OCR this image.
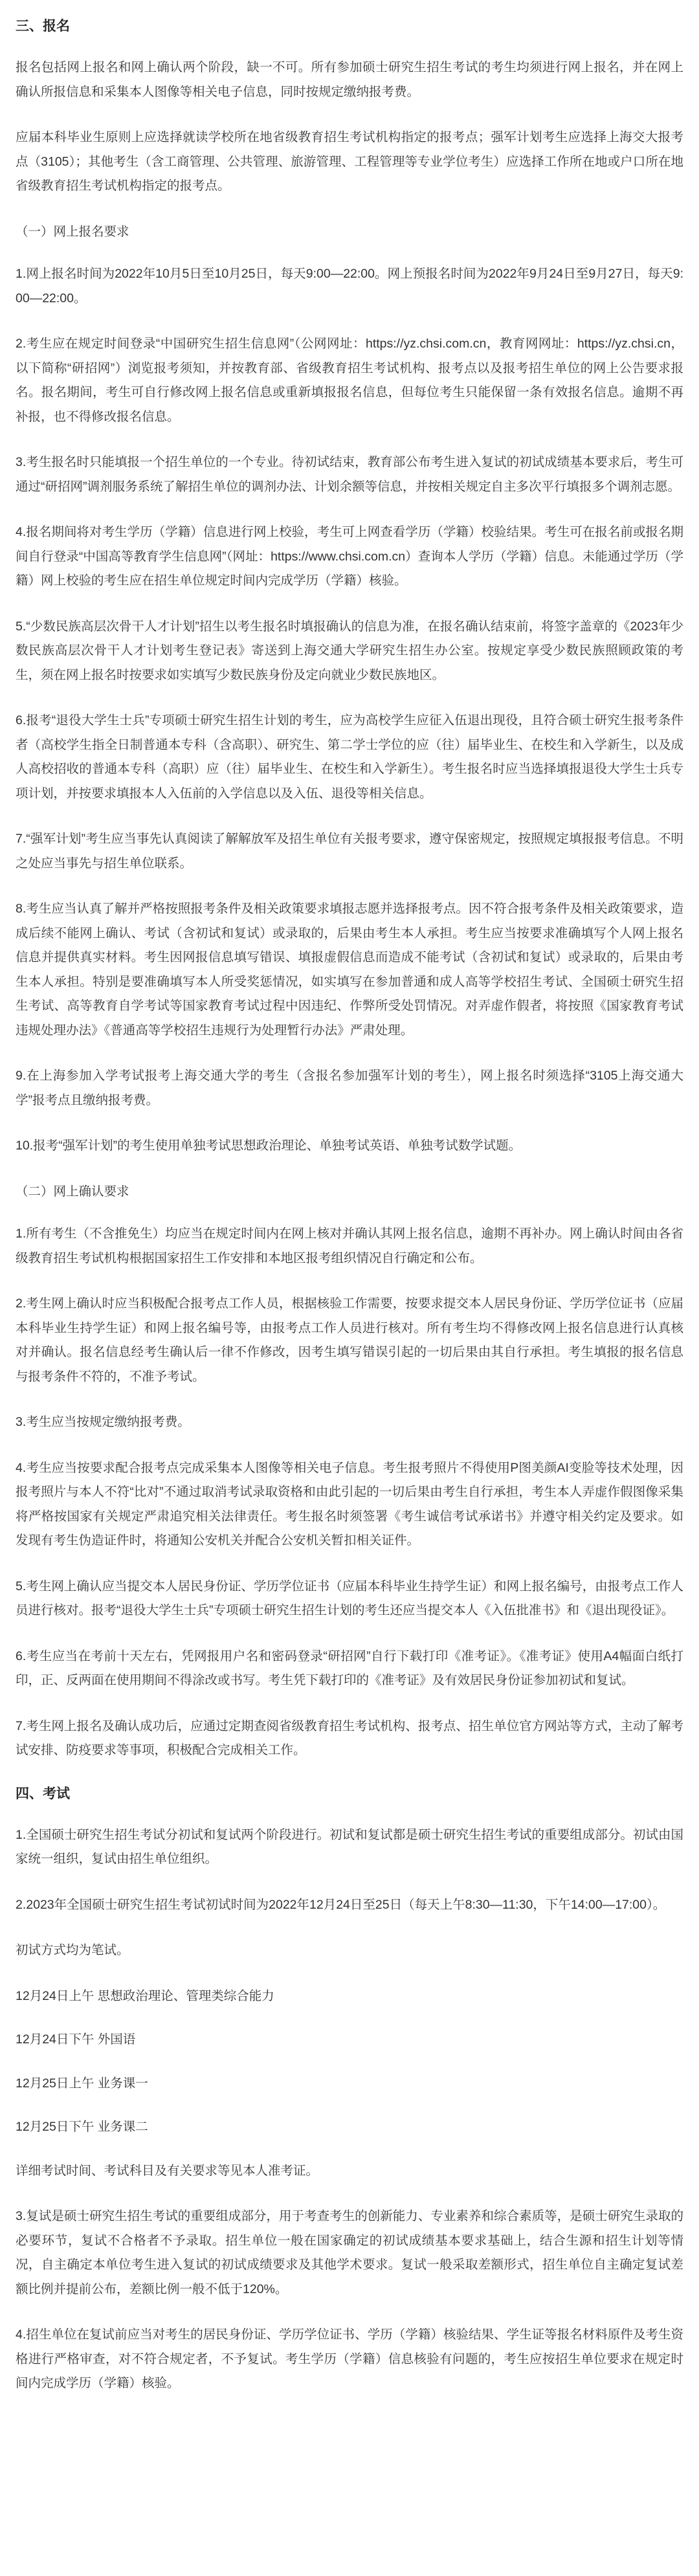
三、报名

报名包括网上报名和网上确认两个阶段，缺一不可。所有参加硕士研究生招生考试的考生均须进行网上报名，并在网上确认所报信息和采集本人图像等相关电子信息，同时按规定缴纳报考费。

应届本科毕业生原则上应选择就读学校所在地省级教育招生考试机构指定的报考点；强军计划考生应选择上海交大报考点（3105）；其他考生（含工商管理、公共管理、旅游管理、工程管理等专业学位考生）应选择工作所在地或户口所在地省级教育招生考试机构指定的报考点。

（一）网上报名要求

1.网上报名时间为2022年10月5日至10月25日，每天9:00—22:00。网上预报名时间为2022年9月24日至9月27日，每天9:00—22:00。

2.考生应在规定时间登录“中国研究生招生信息网”（公网网址：https://yz.chsi.com.cn，教育网网址：https://yz.chsi.cn，以下简称“研招网”）浏览报考须知，并按教育部、省级教育招生考试机构、报考点以及报考招生单位的网上公告要求报名。报名期间，考生可自行修改网上报名信息或重新填报报名信息，但每位考生只能保留一条有效报名信息。逾期不再补报，也不得修改报名信息。

3.考生报名时只能填报一个招生单位的一个专业。待初试结束，教育部公布考生进入复试的初试成绩基本要求后，考生可通过“研招网”调剂服务系统了解招生单位的调剂办法、计划余额等信息，并按相关规定自主多次平行填报多个调剂志愿。

4.报名期间将对考生学历（学籍）信息进行网上校验，考生可上网查看学历（学籍）校验结果。考生可在报名前或报名期间自行登录“中国高等教育学生信息网”（网址：https://www.chsi.com.cn）查询本人学历（学籍）信息。未能通过学历（学籍）网上校验的考生应在招生单位规定时间内完成学历（学籍）核验。

5.“少数民族高层次骨干人才计划”招生以考生报名时填报确认的信息为准，在报名确认结束前，将签字盖章的《2023年少数民族高层次骨干人才计划考生登记表》寄送到上海交通大学研究生招生办公室。按规定享受少数民族照顾政策的考生，须在网上报名时按要求如实填写少数民族身份及定向就业少数民族地区。

6.报考“退役大学生士兵”专项硕士研究生招生计划的考生，应为高校学生应征入伍退出现役，且符合硕士研究生报考条件者（高校学生指全日制普通本专科（含高职）、研究生、第二学士学位的应（往）届毕业生、在校生和入学新生，以及成人高校招收的普通本专科（高职）应（往）届毕业生、在校生和入学新生）。考生报名时应当选择填报退役大学生士兵专项计划，并按要求填报本人入伍前的入学信息以及入伍、退役等相关信息。

7.“强军计划”考生应当事先认真阅读了解解放军及招生单位有关报考要求，遵守保密规定，按照规定填报报考信息。不明之处应当事先与招生单位联系。

8.考生应当认真了解并严格按照报考条件及相关政策要求填报志愿并选择报考点。因不符合报考条件及相关政策要求，造成后续不能网上确认、考试（含初试和复试）或录取的，后果由考生本人承担。考生应当按要求准确填写个人网上报名信息并提供真实材料。考生因网报信息填写错误、填报虚假信息而造成不能考试（含初试和复试）或录取的，后果由考生本人承担。特别是要准确填写本人所受奖惩情况，如实填写在参加普通和成人高等学校招生考试、全国硕士研究生招生考试、高等教育自学考试等国家教育考试过程中因违纪、作弊所受处罚情况。对弄虚作假者，将按照《国家教育考试违规处理办法》《普通高等学校招生违规行为处理暂行办法》严肃处理。

9.在上海参加入学考试报考上海交通大学的考生（含报名参加强军计划的考生），网上报名时须选择“3105上海交通大学”报考点且缴纳报考费。

10.报考“强军计划”的考生使用单独考试思想政治理论、单独考试英语、单独考试数学试题。

（二）网上确认要求

1.所有考生（不含推免生）均应当在规定时间内在网上核对并确认其网上报名信息，逾期不再补办。网上确认时间由各省级教育招生考试机构根据国家招生工作安排和本地区报考组织情况自行确定和公布。

2.考生网上确认时应当积极配合报考点工作人员，根据核验工作需要，按要求提交本人居民身份证、学历学位证书（应届本科毕业生持学生证）和网上报名编号等，由报考点工作人员进行核对。所有考生均不得修改网上报名信息进行认真核对并确认。报名信息经考生确认后一律不作修改，因考生填写错误引起的一切后果由其自行承担。考生填报的报名信息与报考条件不符的，不准予考试。

3.考生应当按规定缴纳报考费。

4.考生应当按要求配合报考点完成采集本人图像等相关电子信息。考生报考照片不得使用P图美颜AI变脸等技术处理，因报考照片与本人不符“比对”不通过取消考试录取资格和由此引起的一切后果由考生自行承担，考生本人弄虚作假图像采集将严格按国家有关规定严肃追究相关法律责任。考生报名时须签署《考生诚信考试承诺书》并遵守相关约定及要求。如发现有考生伪造证件时，将通知公安机关并配合公安机关暂扣相关证件。

5.考生网上确认应当提交本人居民身份证、学历学位证书（应届本科毕业生持学生证）和网上报名编号，由报考点工作人员进行核对。报考“退役大学生士兵”专项硕士研究生招生计划的考生还应当提交本人《入伍批准书》和《退出现役证》。

6.考生应当在考前十天左右，凭网报用户名和密码登录“研招网”自行下载打印《准考证》。《准考证》使用A4幅面白纸打印，正、反两面在使用期间不得涂改或书写。考生凭下载打印的《准考证》及有效居民身份证参加初试和复试。

7.考生网上报名及确认成功后，应通过定期查阅省级教育招生考试机构、报考点、招生单位官方网站等方式，主动了解考试安排、防疫要求等事项，积极配合完成相关工作。

四、考试

1.全国硕士研究生招生考试分初试和复试两个阶段进行。初试和复试都是硕士研究生招生考试的重要组成部分。初试由国家统一组织，复试由招生单位组织。

2.2023年全国硕士研究生招生考试初试时间为2022年12月24日至25日（每天上午8:30—11:30，下午14:00—17:00）。

初试方式均为笔试。

12月24日上午 思想政治理论、管理类综合能力
12月24日下午 外国语
12月25日上午 业务课一
12月25日下午 业务课二

详细考试时间、考试科目及有关要求等见本人准考证。

3.复试是硕士研究生招生考试的重要组成部分，用于考查考生的创新能力、专业素养和综合素质等，是硕士研究生录取的必要环节，复试不合格者不予录取。招生单位一般在国家确定的初试成绩基本要求基础上，结合生源和招生计划等情况，自主确定本单位考生进入复试的初试成绩要求及其他学术要求。复试一般采取差额形式，招生单位自主确定复试差额比例并提前公布，差额比例一般不低于120%。

4.招生单位在复试前应当对考生的居民身份证、学历学位证书、学历（学籍）核验结果、学生证等报名材料原件及考生资格进行严格审查，对不符合规定者，不予复试。考生学历（学籍）信息核验有问题的，考生应按招生单位要求在规定时间内完成学历（学籍）核验。
